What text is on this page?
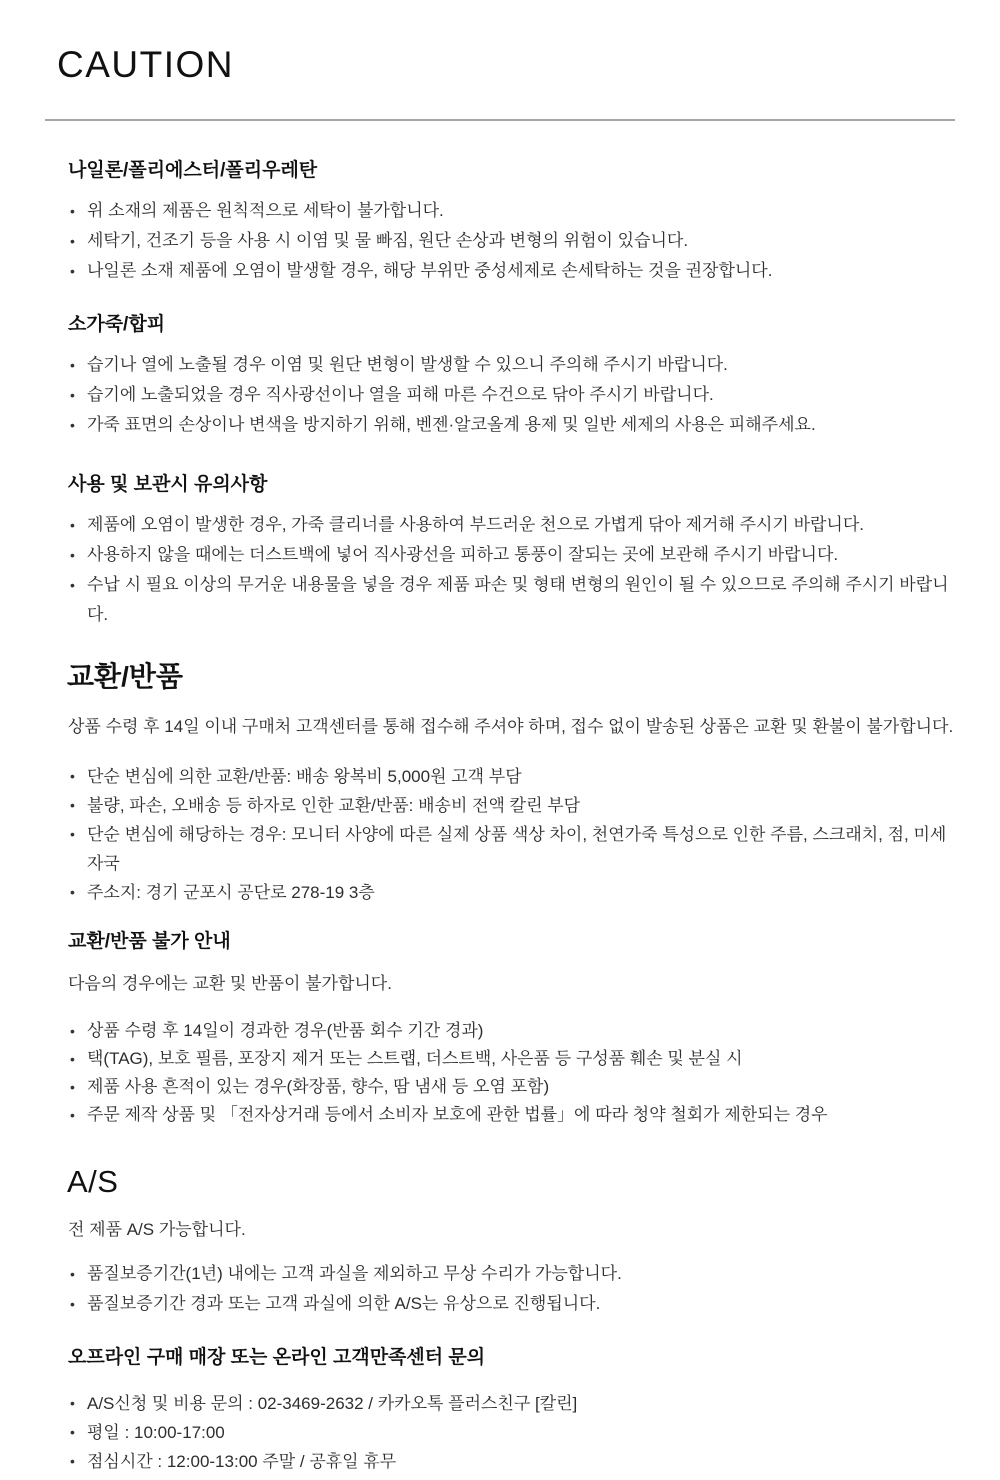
CAUTION
나일론/폴리에스터/폴리우레탄
• 위 소재의 제품은 원칙적으로 세탁이 불가합니다.
• 세탁기, 건조기 등을 사용 시 이염 및 물 빠짐, 원단 손상과 변형의 위험이 있습니다.
• 나일론 소재 제품에 오염이 발생할 경우, 해당 부위만 중성세제로 손세탁하는 것을 권장합니다.
소가죽/합피
• 습기나 열에 노출될 경우 이염 및 원단 변형이 발생할 수 있으니 주의해 주시기 바랍니다.
• 습기에 노출되었을 경우 직사광선이나 열을 피해 마른 수건으로 닦아 주시기 바랍니다.
• 가죽 표면의 손상이나 변색을 방지하기 위해, 벤젠·알코올계 용제 및 일반 세제의 사용은 피해주세요.
사용 및 보관시 유의사항
• 제품에 오염이 발생한 경우, 가죽 클리너를 사용하여 부드러운 천으로 가볍게 닦아 제거해 주시기 바랍니다.
• 사용하지 않을 때에는 더스트백에 넣어 직사광선을 피하고 통풍이 잘되는 곳에 보관해 주시기 바랍니다.
• 수납 시 필요 이상의 무거운 내용물을 넣을 경우 제품 파손 및 형태 변형의 원인이 될 수 있으므로 주의해 주시기 바랍니다.
교환/반품

상품 수령 후 14일 이내 구매처 고객센터를 통해 접수해 주셔야 하며, 접수 없이 발송된 상품은 교환 및 환불이 불가합니다.

• 단순 변심에 의한 교환/반품: 배송 왕복비 5,000원 고객 부담
• 불량, 파손, 오배송 등 하자로 인한 교환/반품: 배송비 전액 칼린 부담
• 단순 변심에 해당하는 경우: 모니터 사양에 따른 실제 상품 색상 차이, 천연가죽 특성으로 인한 주름, 스크래치, 점, 미세 자국
• 주소지: 경기 군포시 공단로 278-19 3층
교환/반품 불가 안내

다음의 경우에는 교환 및 반품이 불가합니다.

• 상품 수령 후 14일이 경과한 경우(반품 회수 기간 경과)
• 택(TAG), 보호 필름, 포장지 제거 또는 스트랩, 더스트백, 사은품 등 구성품 훼손 및 분실 시
• 제품 사용 흔적이 있는 경우(화장품, 향수, 땀 냄새 등 오염 포함)
• 주문 제작 상품 및 「전자상거래 등에서 소비자 보호에 관한 법률」에 따라 청약 철회가 제한되는 경우
A/S

전 제품 A/S 가능합니다.

• 품질보증기간(1년) 내에는 고객 과실을 제외하고 무상 수리가 가능합니다.
• 품질보증기간 경과 또는 고객 과실에 의한 A/S는 유상으로 진행됩니다.
오프라인 구매 매장 또는 온라인 고객만족센터 문의
• A/S신청 및 비용 문의 : 02-3469-2632 / 카카오톡 플러스친구 [칼린]
• 평일 : 10:00-17:00
• 점심시간 : 12:00-13:00 주말 / 공휴일 휴무
